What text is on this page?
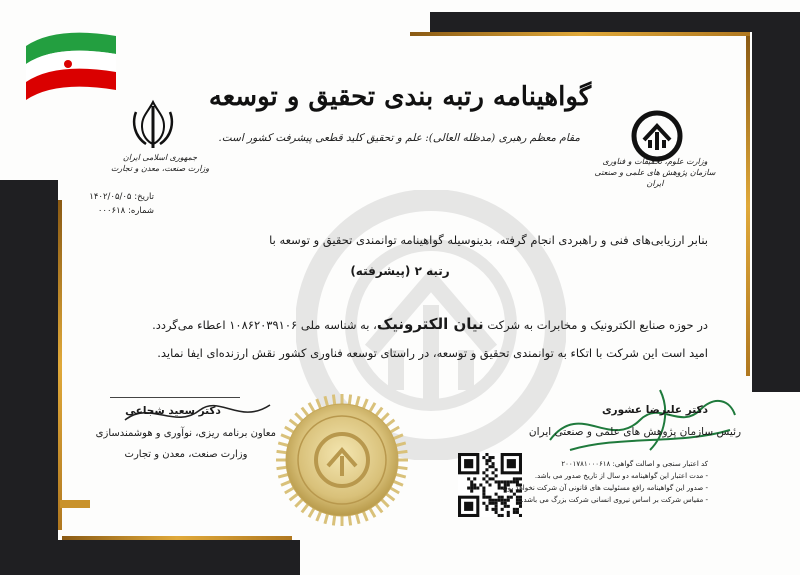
گواهینامه رتبه بندی تحقیق و توسعه
مقام معظم رهبری (مدظله العالی): علم و تحقیق کلید قطعی پیشرفت کشور است.
جمهوری اسلامی ایران
وزارت صنعت، معدن و تجارت
وزارت علوم، تحقیقات و فناوری
سازمان پژوهش های علمی و صنعتی ایران
تاریخ: ۱۴۰۲/۰۵/۰۵
شماره: ۰۰۰۶۱۸
بنابر ارزیابی‌های فنی و راهبردی انجام گرفته، بدینوسیله گواهینامه توانمندی تحقیق و توسعه با
رتبه ۲ (پیشرفته)
در حوزه صنایع الکترونیک و مخابرات به شرکت نیان الکترونیک، به شناسه ملی ۱۰۸۶۲۰۳۹۱۰۶ اعطاء می‌گردد.
امید است این شرکت با اتکاء به توانمندی تحقیق و توسعه، در راستای توسعه فناوری کشور نقش ارزنده‌ای ایفا نماید.
دکتر علیرضا عشوری
رئیس سازمان پژوهش های علمی و صنعتی ایران
دکتر سعید شجاعی
معاون برنامه ریزی، نوآوری و هوشمندسازی
وزارت صنعت، معدن و تجارت
کد اعتبار سنجی و اصالت گواهی: ۲۰۰۱۷۸۱۰۰۰۶۱۸
- مدت اعتبار این گواهینامه دو سال از تاریخ صدور می باشد.
- صدور این گواهینامه رافع مسئولیت های قانونی آن شرکت نخواهد بود.
- مقیاس شرکت بر اساس نیروی انسانی شرکت بزرگ می باشد.
